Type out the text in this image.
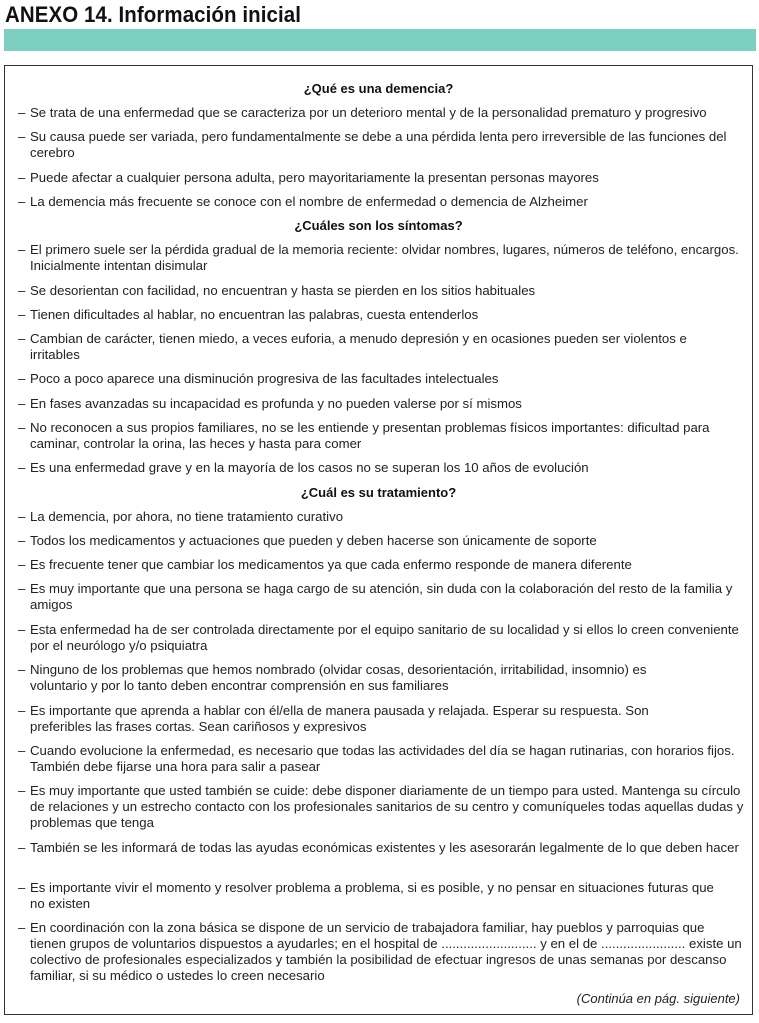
ANEXO 14. Información inicial
¿Qué es una demencia?
– Se trata de una enfermedad que se caracteriza por un deterioro mental y de la personalidad prematuro y progresivo
– Su causa puede ser variada, pero fundamentalmente se debe a una pérdida lenta pero irreversible de las funciones del cerebro
– Puede afectar a cualquier persona adulta, pero mayoritariamente la presentan personas mayores
– La demencia más frecuente se conoce con el nombre de enfermedad o demencia de Alzheimer
¿Cuáles son los síntomas?
– El primero suele ser la pérdida gradual de la memoria reciente: olvidar nombres, lugares, números de teléfono, encargos. Inicialmente intentan disimular
– Se desorientan con facilidad, no encuentran y hasta se pierden en los sitios habituales
– Tienen dificultades al hablar, no encuentran las palabras, cuesta entenderlos
– Cambian de carácter, tienen miedo, a veces euforia, a menudo depresión y en ocasiones pueden ser violentos e irritables
– Poco a poco aparece una disminución progresiva de las facultades intelectuales
– En fases avanzadas su incapacidad es profunda y no pueden valerse por sí mismos
– No reconocen a sus propios familiares, no se les entiende y presentan problemas físicos importantes: dificultad para caminar, controlar la orina, las heces y hasta para comer
– Es una enfermedad grave y en la mayoría de los casos no se superan los 10 años de evolución
¿Cuál es su tratamiento?
– La demencia, por ahora, no tiene tratamiento curativo
– Todos los medicamentos y actuaciones que pueden y deben hacerse son únicamente de soporte
– Es frecuente tener que cambiar los medicamentos ya que cada enfermo responde de manera diferente
– Es muy importante que una persona se haga cargo de su atención, sin duda con la colaboración del resto de la familia y amigos
– Esta enfermedad ha de ser controlada directamente por el equipo sanitario de su localidad y si ellos lo creen conveniente por el neurólogo y/o psiquiatra
– Ninguno de los problemas que hemos nombrado (olvidar cosas, desorientación, irritabilidad, insomnio) es voluntario y por lo tanto deben encontrar comprensión en sus familiares
– Es importante que aprenda a hablar con él/ella de manera pausada y relajada. Esperar su respuesta. Son preferibles las frases cortas. Sean cariñosos y expresivos
– Cuando evolucione la enfermedad, es necesario que todas las actividades del día se hagan rutinarias, con horarios fijos. También debe fijarse una hora para salir a pasear
– Es muy importante que usted también se cuide: debe disponer diariamente de un tiempo para usted. Mantenga su círculo de relaciones y un estrecho contacto con los profesionales sanitarios de su centro y comuníqueles todas aquellas dudas y problemas que tenga
– También se les informará de todas las ayudas económicas existentes y les asesorarán legalmente de lo que deben hacer
– Es importante vivir el momento y resolver problema a problema, si es posible, y no pensar en situaciones futuras que no existen
– En coordinación con la zona básica se dispone de un servicio de trabajadora familiar, hay pueblos y parroquias que tienen grupos de voluntarios dispuestos a ayudarles; en el hospital de .......................... y en el de ....................... existe un colectivo de profesionales especializados y también la posibilidad de efectuar ingresos de unas semanas por descanso familiar, si su médico o ustedes lo creen necesario
(Continúa en pág. siguiente)
